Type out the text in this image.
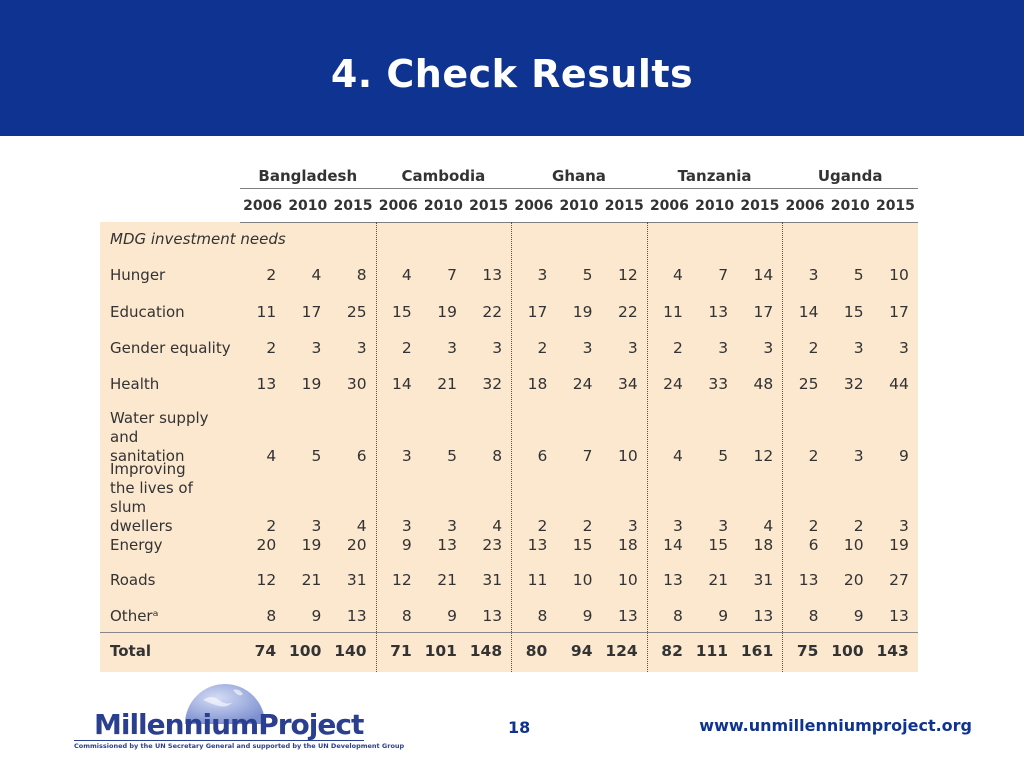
4. Check Results
Bangladesh	Cambodia	Ghana	Tanzania	Uganda
2006 2010 2015 2006 2010 2015 2006 2010 2015 2006 2010 2015 2006 2010 2015
MDG investment needs
Hunger	2	4	8	4	7	13	3	5	12	4	7	14	3	5	10
Education	11	17	25	15	19	22	17	19	22	11	13	17	14	15	17
Gender equality	2	3	3	2	3	3	2	3	3	2	3	3	2	3	3
Health	13	19	30	14	21	32	18	24	34	24	33	48	25	32	44
Water supply and sanitation	4	5	6	3	5	8	6	7	10	4	5	12	2	3	9
Improving the lives of slum dwellers	2	3	4	3	3	4	2	2	3	3	3	4	2	2	3
Energy	20	19	20	9	13	23	13	15	18	14	15	18	6	10	19
Roads	12	21	31	12	21	31	11	10	10	13	21	31	13	20	27
Otherᵃ	8	9	13	8	9	13	8	9	13	8	9	13	8	9	13
Total	74 100 140	71 101 148	80	94 124	82 111 161	75 100 143
MillenniumProject
Commissioned by the UN Secretary General and supported by the UN Development Group
18	www.unmillenniumproject.org
